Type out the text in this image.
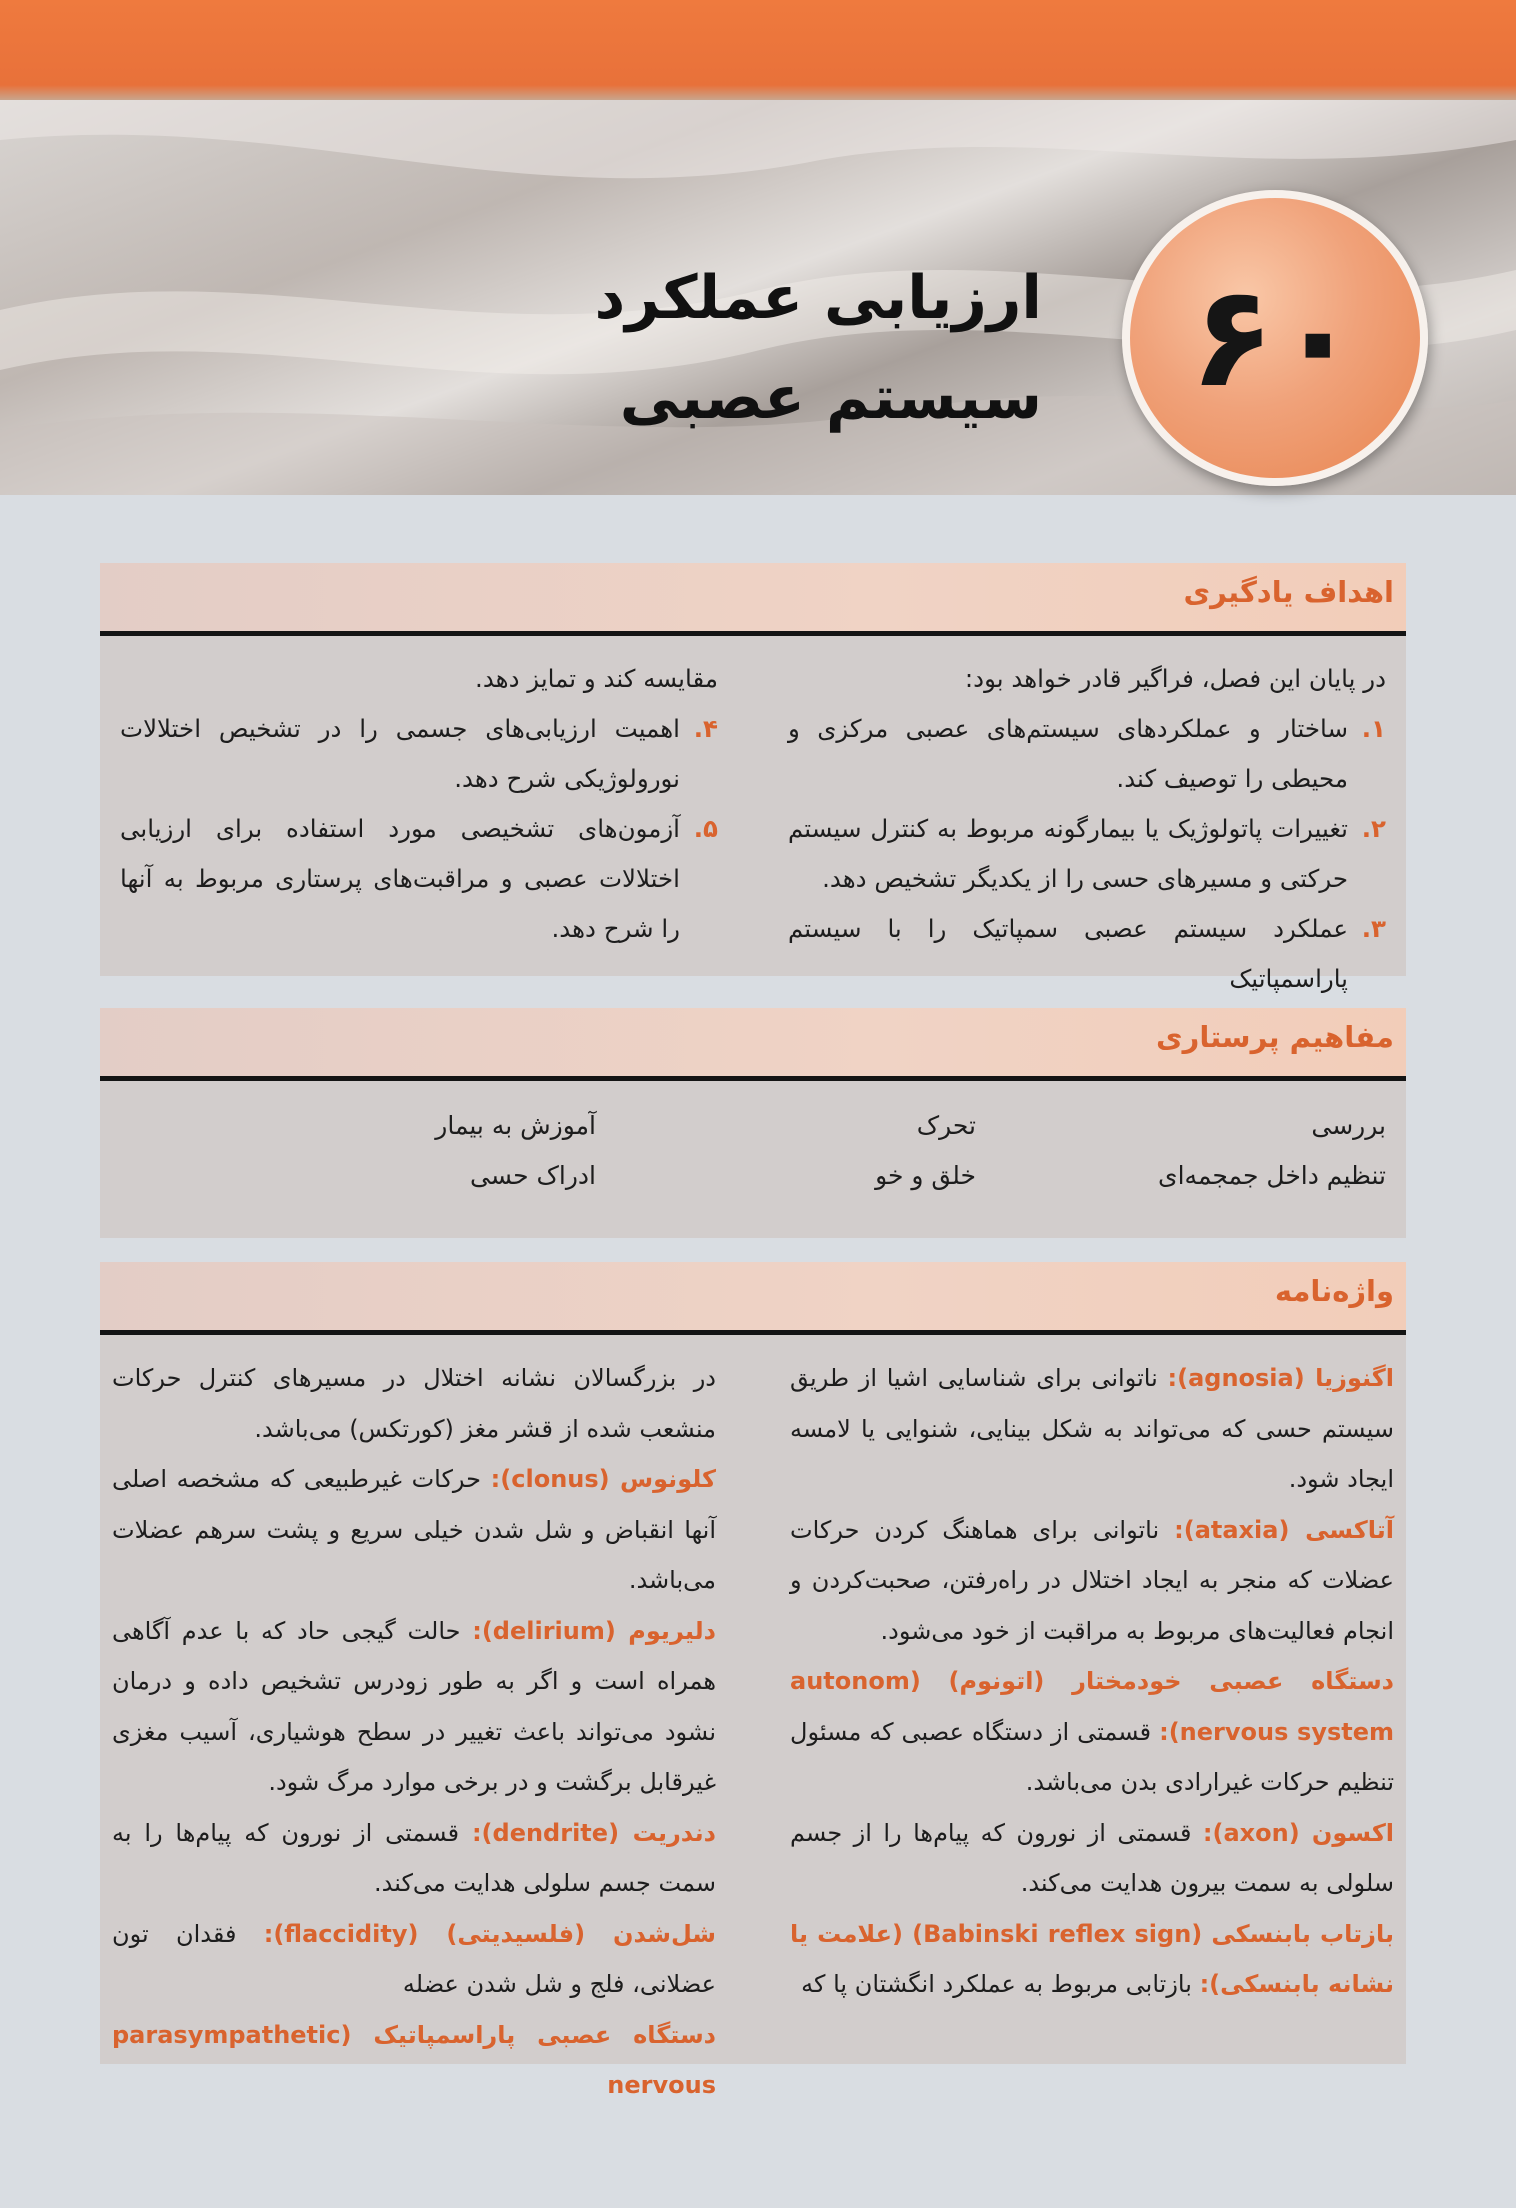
۶۰
ارزیابی عملکرد
سیستم عصبی
اهداف یادگیری

در پایان این فصل، فراگیر قادر خواهد بود:

۱.
ساختار و عملکردهای سیستم‌های عصبی مرکزی و محیطی را توصیف کند.
۲.
تغییرات پاتولوژیک یا بیمارگونه مربوط به کنترل سیستم حرکتی و مسیرهای حسی را از یکدیگر تشخیص دهد.
۳.
عملکرد سیستم عصبی سمپاتیک را با سیستم پاراسمپاتیک

مقایسه کند و تمایز دهد.

۴.
اهمیت ارزیابی‌های جسمی را در تشخیص اختلالات نورولوژیکی شرح دهد.
۵.
آزمون‌های تشخیصی مورد استفاده برای ارزیابی اختلالات عصبی و مراقبت‌های پرستاری مربوط به آنها را شرح دهد.
مفاهیم پرستاری
بررسی
تحرک
آموزش به بیمار
تنظیم داخل جمجمه‌ای
خلق و خو
ادراک حسی
واژه‌نامه

اگنوزیا (agnosia): ناتوانی برای شناسایی اشیا از طریق سیستم حسی که می‌تواند به شکل بینایی، شنوایی یا لامسه ایجاد شود.

آتاکسی (ataxia): ناتوانی برای هماهنگ کردن حرکات عضلات که منجر به ایجاد اختلال در راه‌رفتن، صحبت‌کردن و انجام فعالیت‌های مربوط به مراقبت از خود می‌شود.

دستگاه عصبی خودمختار (اتونوم) (autonom nervous system): قسمتی از دستگاه عصبی که مسئول تنظیم حرکات غیرارادی بدن می‌باشد.

اکسون (axon): قسمتی از نورون که پیام‌ها را از جسم سلولی به سمت بیرون هدایت می‌کند.

بازتاب بابنسکی (Babinski reflex sign) (علامت یا نشانه بابنسکی): بازتابی مربوط به عملکرد انگشتان پا که

در بزرگسالان نشانه اختلال در مسیرهای کنترل حرکات منشعب شده از قشر مغز (کورتکس) می‌باشد.

کلونوس (clonus): حرکات غیرطبیعی که مشخصه اصلی آنها انقباض و شل شدن خیلی سریع و پشت سرهم عضلات می‌باشد.

دلیریوم (delirium): حالت گیجی حاد که با عدم آگاهی همراه است و اگر به طور زودرس تشخیص داده و درمان نشود می‌تواند باعث تغییر در سطح هوشیاری، آسیب مغزی غیرقابل برگشت و در برخی موارد مرگ شود.

دندریت (dendrite): قسمتی از نورون که پیام‌ها را به سمت جسم سلولی هدایت می‌کند.

شل‌شدن (فلسیدیتی) (flaccidity): فقدان تون عضلانی، فلج و شل شدن عضله

دستگاه عصبی پاراسمپاتیک (parasympathetic nervous
